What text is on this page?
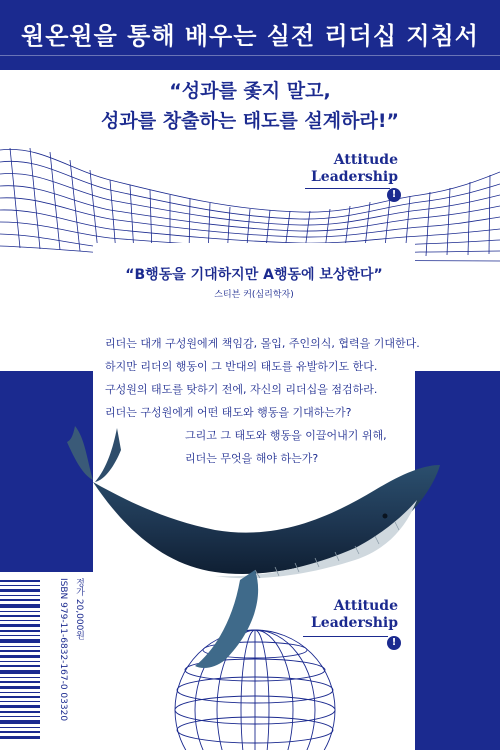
원온원을 통해 배우는 실전 리더십 지침서
“성과를 좇지 말고,
성과를 창출하는 태도를 설계하라!”
Attitude
Leadership
!
“B행동을 기대하지만 A행동에 보상한다”
스티븐 커(심리학자)
리더는 대개 구성원에게 책임감, 몰입, 주인의식, 협력을 기대한다.
하지만 리더의 행동이 그 반대의 태도를 유발하기도 한다.
구성원의 태도를 탓하기 전에, 자신의 리더십을 점검하라.
리더는 구성원에게 어떤 태도와 행동을 기대하는가?
그리고 그 태도와 행동을 이끌어내기 위해,
리더는 무엇을 해야 하는가?
Attitude
Leadership
!
ISBN 979-11-6832-167-0 03320 정가 20,000원
